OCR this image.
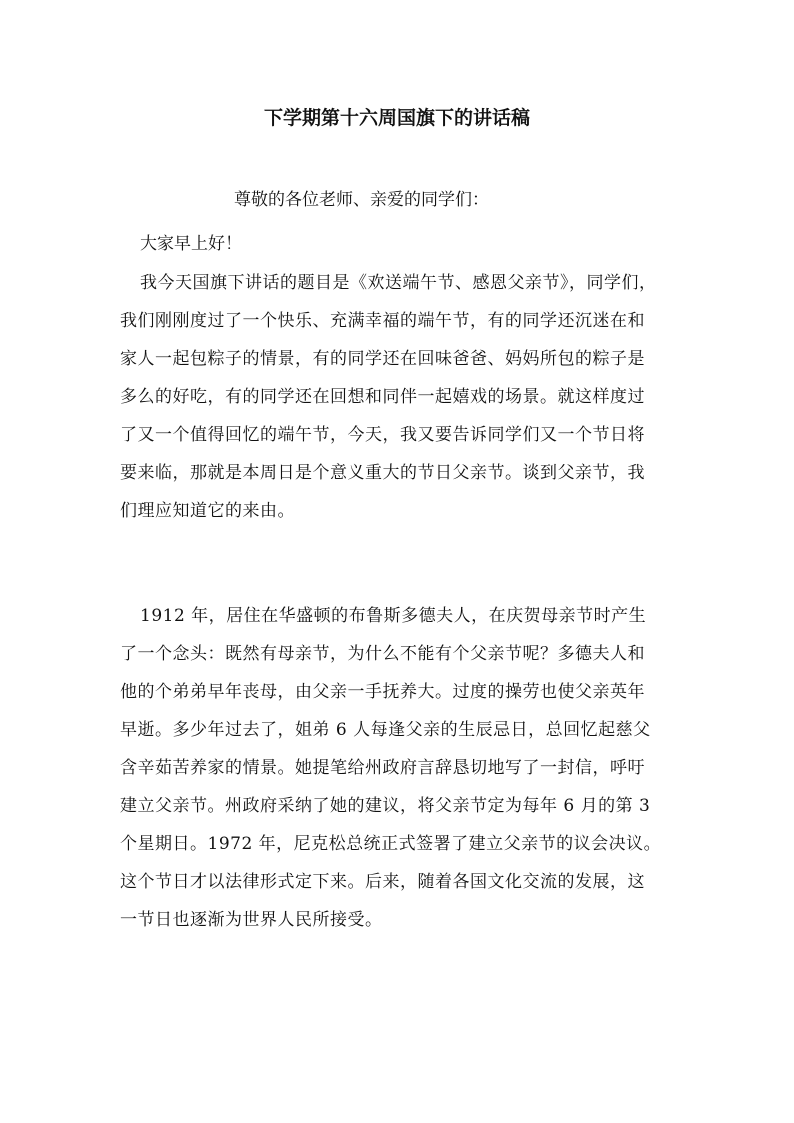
下学期第十六周国旗下的讲话稿
尊敬的各位老师、亲爱的同学们：
大家早上好！
我今天国旗下讲话的题目是《欢送端午节、感恩父亲节》，同学们，
我们刚刚度过了一个快乐、充满幸福的端午节，有的同学还沉迷在和
家人一起包粽子的情景，有的同学还在回味爸爸、妈妈所包的粽子是
多么的好吃，有的同学还在回想和同伴一起嬉戏的场景。就这样度过
了又一个值得回忆的端午节，今天，我又要告诉同学们又一个节日将
要来临，那就是本周日是个意义重大的节日父亲节。谈到父亲节，我
们理应知道它的来由。
1912 年，居住在华盛顿的布鲁斯多德夫人，在庆贺母亲节时产生
了一个念头：既然有母亲节，为什么不能有个父亲节呢？多德夫人和
他的个弟弟早年丧母，由父亲一手抚养大。过度的操劳也使父亲英年
早逝。多少年过去了，姐弟 6 人每逢父亲的生辰忌日，总回忆起慈父
含辛茹苦养家的情景。她提笔给州政府言辞恳切地写了一封信，呼吁
建立父亲节。州政府采纳了她的建议，将父亲节定为每年 6 月的第 3
个星期日。1972 年，尼克松总统正式签署了建立父亲节的议会决议。
这个节日才以法律形式定下来。后来，随着各国文化交流的发展，这
一节日也逐渐为世界人民所接受。
